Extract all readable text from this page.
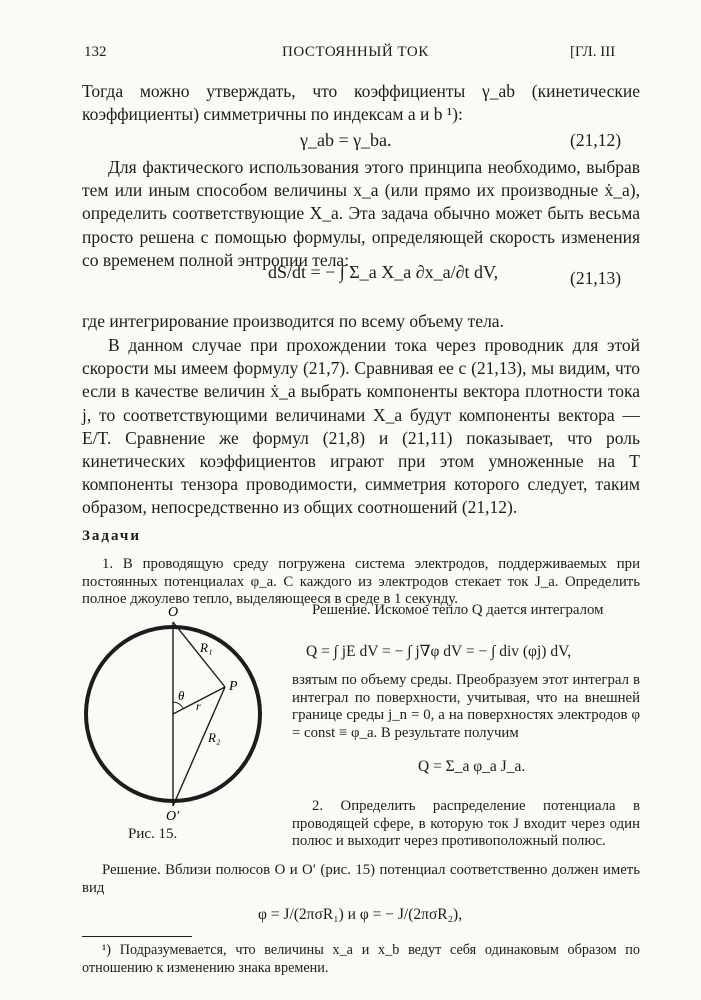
132	ПОСТОЯННЫЙ ТОК	[ГЛ. III
Тогда можно утверждать, что коэффициенты γ_ab (кинетические коэффициенты) симметричны по индексам a и b ¹):
γ_ab = γ_ba.	(21,12)
Для фактического использования этого принципа необходимо, выбрав тем или иным способом величины x_a (или прямо их производные ẋ_a), определить соответствующие X_a. Эта задача обычно может быть весьма просто решена с помощью формулы, определяющей скорость изменения со временем полной энтропии тела:
dS/dt = − ∫ Σ_a X_a ∂x_a/∂t dV,	(21,13)
где интегрирование производится по всему объему тела.
В данном случае при прохождении тока через проводник для этой скорости мы имеем формулу (21,7). Сравнивая ее с (21,13), мы видим, что если в качестве величин ẋ_a выбрать компоненты вектора плотности тока j, то соответствующими величинами X_a будут компоненты вектора —E/T. Сравнение же формул (21,8) и (21,11) показывает, что роль кинетических коэффициентов играют при этом умноженные на T компоненты тензора проводимости, симметрия которого следует, таким образом, непосредственно из общих соотношений (21,12).
Задачи
1. В проводящую среду погружена система электродов, поддерживаемых при постоянных потенциалах φ_a. С каждого из электродов стекает ток J_a. Определить полное джоулево тепло, выделяющееся в среде в 1 секунду.
O
O′
P
R₁
R₂
θ
r
Рис. 15.
Решение. Искомое тепло Q дается интегралом
Q = ∫ jE dV = − ∫ j∇φ dV = − ∫ div (φj) dV,
взятым по объему среды. Преобразуем этот интеграл в интеграл по поверхности, учитывая, что на внешней границе среды j_n = 0, а на поверхностях электродов φ = const ≡ φ_a. В результате получим
Q = Σ_a φ_a J_a.
2. Определить распределение потенциала в проводящей сфере, в которую ток J входит через один полюс и выходит через противоположный полюс.
Решение. Вблизи полюсов O и O′ (рис. 15) потенциал соответственно должен иметь вид
φ = J/(2πσR₁) и φ = − J/(2πσR₂),
¹) Подразумевается, что величины x_a и x_b ведут себя одинаковым образом по отношению к изменению знака времени.
